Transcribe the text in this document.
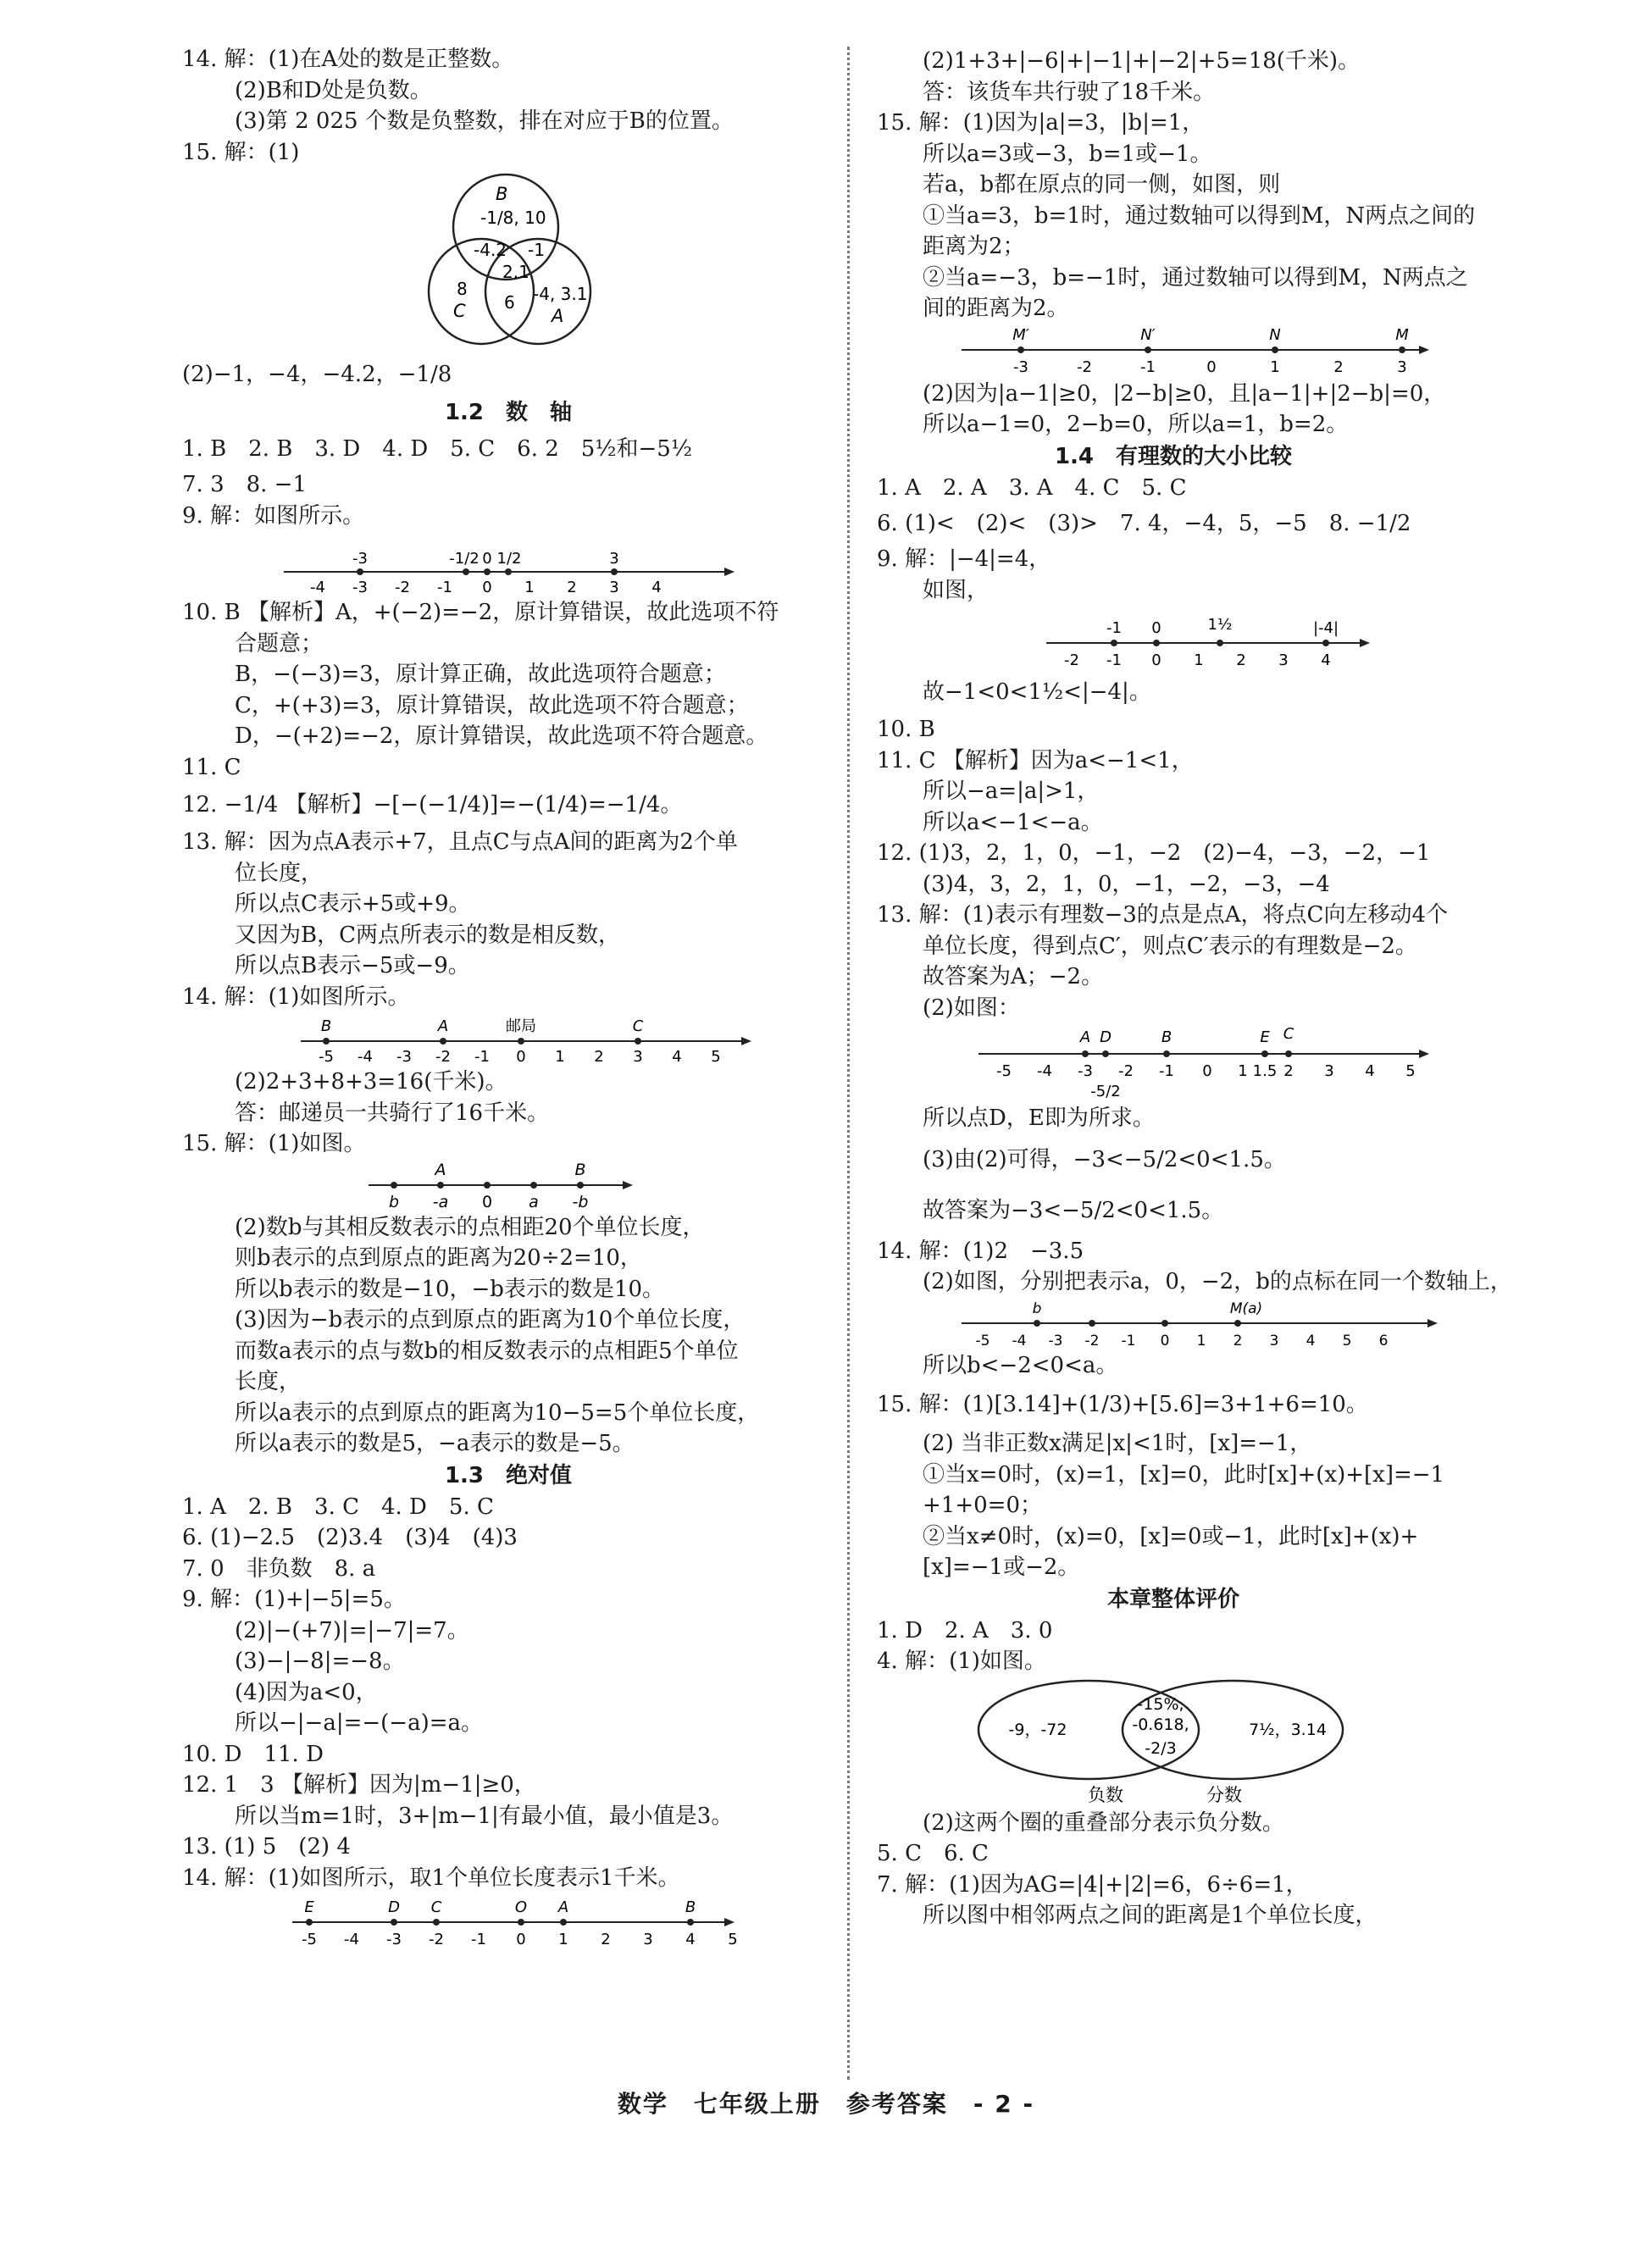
14. 解：(1)在A处的数是正整数。
(2)B和D处是负数。
(3)第 2 025 个数是负整数，排在对应于B的位置。
15. 解：(1)
B
-1/8, 10
-4.2 -1
2.1
8
C 6 -4, 3.1
A
(2)−1，−4，−4.2，−1/8
1.2　数　轴
1. B　2. B　3. D　4. D　5. C　6. 2　5½和−5½
7. 3　8. −1
9. 解：如图所示。
-4 -3 -2 -1 0 1 2 3 4
-3	-1/2 0 1/2	3
10. B 【解析】A，+(−2)=−2，原计算错误，故此选项不符
合题意；
B，−(−3)=3，原计算正确，故此选项符合题意；
C，+(+3)=3，原计算错误，故此选项不符合题意；
D，−(+2)=−2，原计算错误，故此选项不符合题意。
11. C
12. −1/4 【解析】−[−(−1/4)]=−(1/4)=−1/4。
13. 解：因为点A表示+7，且点C与点A间的距离为2个单
位长度，
所以点C表示+5或+9。
又因为B，C两点所表示的数是相反数，
所以点B表示−5或−9。
14. 解：(1)如图所示。
-5 -4 -3 -2 -1 0 1 2 3 4 5
B	A	邮局	C
(2)2+3+8+3=16(千米)。
答：邮递员一共骑行了16千米。
15. 解：(1)如图。
b -a 0 a -b
A	B
(2)数b与其相反数表示的点相距20个单位长度，
则b表示的点到原点的距离为20÷2=10，
所以b表示的数是−10，−b表示的数是10。
(3)因为−b表示的点到原点的距离为10个单位长度，
而数a表示的点与数b的相反数表示的点相距5个单位
长度，
所以a表示的点到原点的距离为10−5=5个单位长度，
所以a表示的数是5，−a表示的数是−5。
1.3　绝对值
1. A　2. B　3. C　4. D　5. C
6. (1)−2.5　(2)3.4　(3)4　(4)3
7. 0　非负数　8. a
9. 解：(1)+|−5|=5。
(2)|−(+7)|=|−7|=7。
(3)−|−8|=−8。
(4)因为a<0，
所以−|−a|=−(−a)=a。
10. D　11. D
12. 1　3 【解析】因为|m−1|≥0，
所以当m=1时，3+|m−1|有最小值，最小值是3。
13. (1) 5　(2) 4
14. 解：(1)如图所示，取1个单位长度表示1千米。
-5 -4 -3 -2 -1 0 1 2 3 4 5
E	D C	O A	B
(2)1+3+|−6|+|−1|+|−2|+5=18(千米)。
答：该货车共行驶了18千米。
15. 解：(1)因为|a|=3，|b|=1，
所以a=3或−3，b=1或−1。
若a，b都在原点的同一侧，如图，则
①当a=3，b=1时，通过数轴可以得到M，N两点之间的
距离为2；
②当a=−3，b=−1时，通过数轴可以得到M，N两点之
间的距离为2。
-3	-2	-1	0	1	2	3
M′	N′	N	M
(2)因为|a−1|≥0，|2−b|≥0，且|a−1|+|2−b|=0，
所以a−1=0，2−b=0，所以a=1，b=2。
1.4　有理数的大小比较
1. A　2. A　3. A　4. C　5. C
6. (1)<　(2)<　(3)>　7. 4，−4，5，−5　8. −1/2
9. 解：|−4|=4，
如图，
-2 -1 0 1 2 3 4
-1 0	1½	|-4|
故−1<0<1½<|−4|。
10. B
11. C 【解析】因为a<−1<1，
所以−a=|a|>1，
所以a<−1<−a。
12. (1)3，2，1，0，−1，−2　(2)−4，−3，−2，−1
(3)4，3，2，1，0，−1，−2，−3，−4
13. 解：(1)表示有理数−3的点是点A，将点C向左移动4个
单位长度，得到点C′，则点C′表示的有理数是−2。
故答案为A；−2。
(2)如图：
-5 -4 -3 -2 -1 0 1 1.5 2 3 4 5
A D	B	E C
-5/2
所以点D，E即为所求。
(3)由(2)可得，−3<−5/2<0<1.5。
故答案为−3<−5/2<0<1.5。
14. 解：(1)2　−3.5
(2)如图，分别把表示a，0，−2，b的点标在同一个数轴上，
-5 -4 -3 -2 -1 0 1 2 3 4 5 6
b	M(a)
所以b<−2<0<a。
15. 解：(1)[3.14]+(1/3)+[5.6]=3+1+6=10。
(2) 当非正数x满足|x|<1时，[x]=−1，
①当x=0时，(x)=1，[x]=0，此时[x]+(x)+[x]=−1
+1+0=0；
②当x≠0时，(x)=0，[x]=0或−1，此时[x]+(x)+
[x]=−1或−2。
本章整体评价
1. D　2. A　3. 0
4. 解：(1)如图。
-9，-72
-15%,
-0.618,
-2/3
7½，3.14
负数	分数
(2)这两个圈的重叠部分表示负分数。
5. C　6. C
7. 解：(1)因为AG=|4|+|2|=6，6÷6=1，
所以图中相邻两点之间的距离是1个单位长度，
数学　七年级上册　参考答案　- 2 -
